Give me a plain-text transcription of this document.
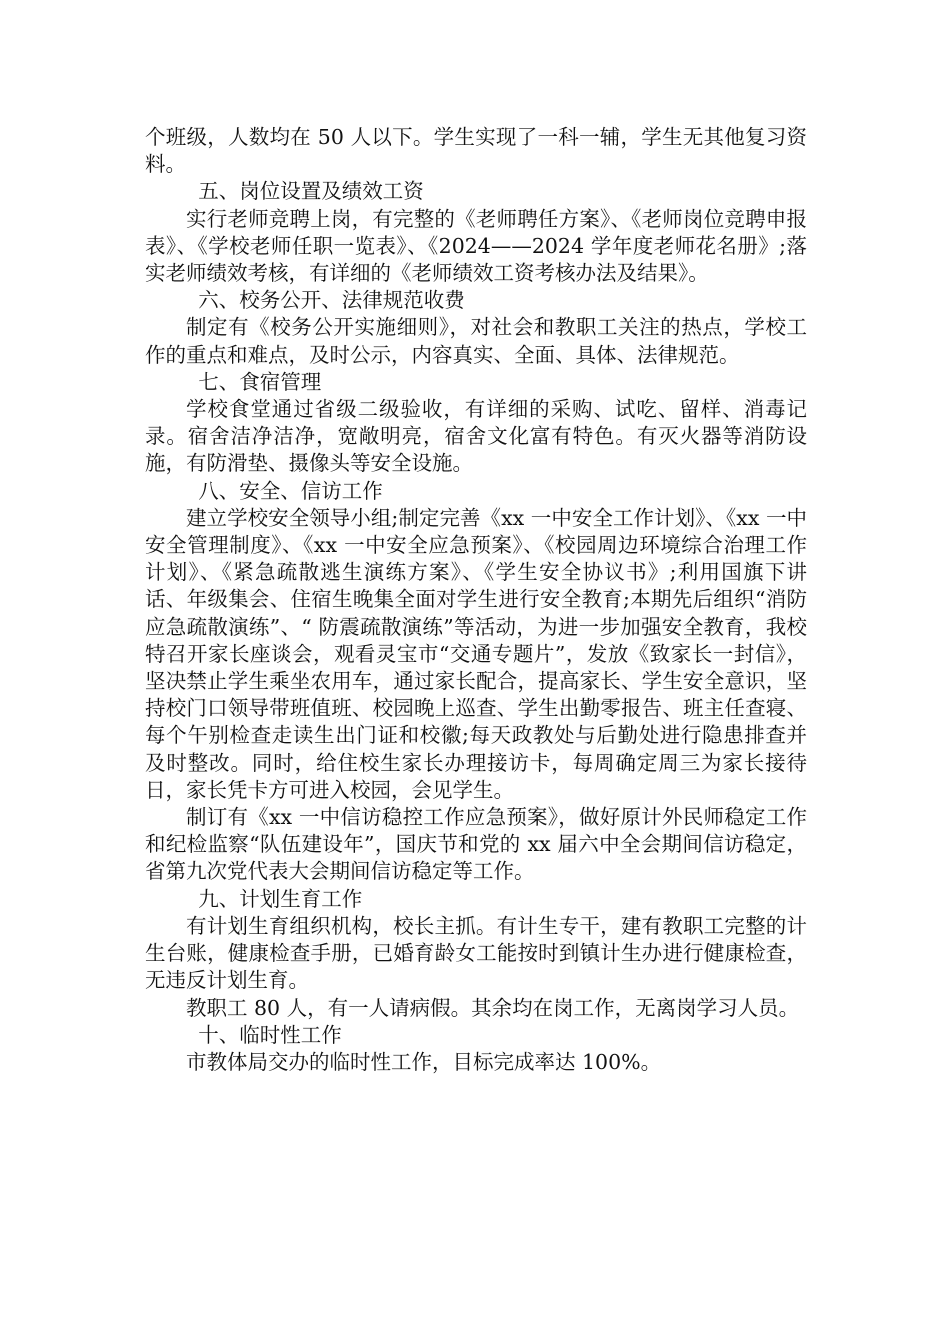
个班级，人数均在 50 人以下。学生实现了一科一辅，学生无其他复习资料。

五、岗位设置及绩效工资

实行老师竞聘上岗，有完整的《老师聘任方案》、《老师岗位竞聘申报表》、《学校老师任职一览表》、《2024——2024 学年度老师花名册》;落实老师绩效考核，有详细的《老师绩效工资考核办法及结果》。

六、校务公开、法律规范收费

制定有《校务公开实施细则》，对社会和教职工关注的热点，学校工作的重点和难点，及时公示，内容真实、全面、具体、法律规范。

七、食宿管理

学校食堂通过省级二级验收，有详细的采购、试吃、留样、消毒记录。宿舍洁净洁净，宽敞明亮，宿舍文化富有特色。有灭火器等消防设施，有防滑垫、摄像头等安全设施。

八、安全、信访工作

建立学校安全领导小组;制定完善《xx 一中安全工作计划》、《xx 一中安全管理制度》、《xx 一中安全应急预案》、《校园周边环境综合治理工作计划》、《紧急疏散逃生演练方案》、《学生安全协议书》;利用国旗下讲话、年级集会、住宿生晚集全面对学生进行安全教育;本期先后组织“消防应急疏散演练”、“ 防震疏散演练”等活动，为进一步加强安全教育，我校特召开家长座谈会，观看灵宝市“交通专题片”，发放《致家长一封信》，坚决禁止学生乘坐农用车，通过家长配合，提高家长、学生安全意识，坚持校门口领导带班值班、校园晚上巡查、学生出勤零报告、班主任查寝、每个午别检查走读生出门证和校徽;每天政教处与后勤处进行隐患排查并及时整改。同时，给住校生家长办理接访卡，每周确定周三为家长接待日，家长凭卡方可进入校园，会见学生。

制订有《xx 一中信访稳控工作应急预案》，做好原计外民师稳定工作和纪检监察“队伍建设年”，国庆节和党的 xx 届六中全会期间信访稳定，省第九次党代表大会期间信访稳定等工作。

九、计划生育工作

有计划生育组织机构，校长主抓。有计生专干，建有教职工完整的计生台账，健康检查手册，已婚育龄女工能按时到镇计生办进行健康检查，无违反计划生育。

教职工 80 人，有一人请病假。其余均在岗工作，无离岗学习人员。

十、临时性工作

市教体局交办的临时性工作，目标完成率达 100%。
